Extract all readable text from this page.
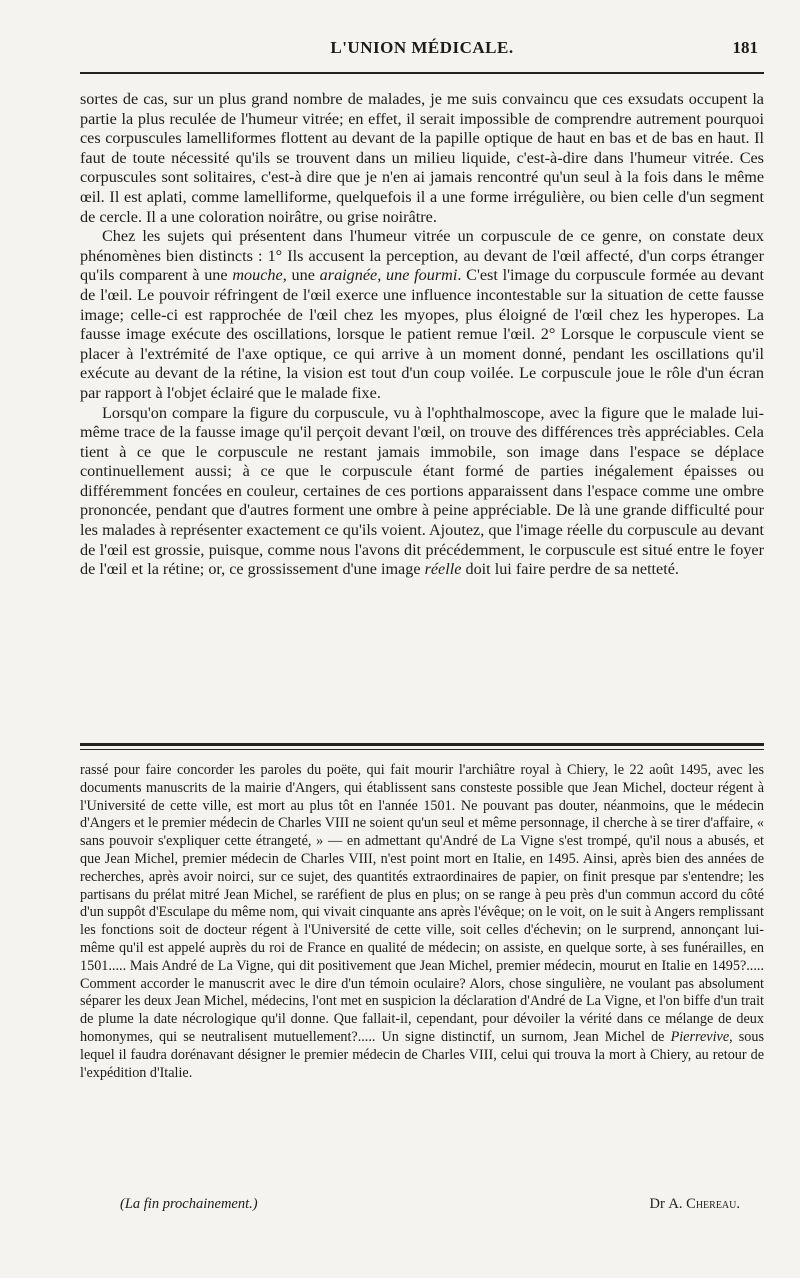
L'UNION MÉDICALE.	181

sortes de cas, sur un plus grand nombre de malades, je me suis convaincu que ces exsudats occupent la partie la plus reculée de l'humeur vitrée; en effet, il serait impossible de comprendre autrement pourquoi ces corpuscules lamelliformes flottent au devant de la papille optique de haut en bas et de bas en haut. Il faut de toute nécessité qu'ils se trouvent dans un milieu liquide, c'est-à-dire dans l'humeur vitrée. Ces corpuscules sont solitaires, c'est-à dire que je n'en ai jamais rencontré qu'un seul à la fois dans le même œil. Il est aplati, comme lamelliforme, quelquefois il a une forme irrégulière, ou bien celle d'un segment de cercle. Il a une coloration noirâtre, ou grise noirâtre.

Chez les sujets qui présentent dans l'humeur vitrée un corpuscule de ce genre, on constate deux phénomènes bien distincts : 1° Ils accusent la perception, au devant de l'œil affecté, d'un corps étranger qu'ils comparent à une mouche, une araignée, une fourmi. C'est l'image du corpuscule formée au devant de l'œil. Le pouvoir réfringent de l'œil exerce une influence incontestable sur la situation de cette fausse image; celle-ci est rapprochée de l'œil chez les myopes, plus éloigné de l'œil chez les hyperopes. La fausse image exécute des oscillations, lorsque le patient remue l'œil. 2° Lorsque le corpuscule vient se placer à l'extrémité de l'axe optique, ce qui arrive à un moment donné, pendant les oscillations qu'il exécute au devant de la rétine, la vision est tout d'un coup voilée. Le corpuscule joue le rôle d'un écran par rapport à l'objet éclairé que le malade fixe.

Lorsqu'on compare la figure du corpuscule, vu à l'ophthalmoscope, avec la figure que le malade lui-même trace de la fausse image qu'il perçoit devant l'œil, on trouve des différences très appréciables. Cela tient à ce que le corpuscule ne restant jamais immobile, son image dans l'espace se déplace continuellement aussi; à ce que le corpuscule étant formé de parties inégalement épaisses ou différemment foncées en couleur, certaines de ces portions apparaissent dans l'espace comme une ombre prononcée, pendant que d'autres forment une ombre à peine appréciable. De là une grande difficulté pour les malades à représenter exactement ce qu'ils voient. Ajoutez, que l'image réelle du corpuscule au devant de l'œil est grossie, puisque, comme nous l'avons dit précédemment, le corpuscule est situé entre le foyer de l'œil et la rétine; or, ce grossissement d'une image réelle doit lui faire perdre de sa netteté.

rassé pour faire concorder les paroles du poëte, qui fait mourir l'archiâtre royal à Chiery, le 22 août 1495, avec les documents manuscrits de la mairie d'Angers, qui établissent sans consteste possible que Jean Michel, docteur régent à l'Université de cette ville, est mort au plus tôt en l'année 1501. Ne pouvant pas douter, néanmoins, que le médecin d'Angers et le premier médecin de Charles VIII ne soient qu'un seul et même personnage, il cherche à se tirer d'affaire, « sans pouvoir s'expliquer cette étrangeté, » — en admettant qu'André de La Vigne s'est trompé, qu'il nous a abusés, et que Jean Michel, premier médecin de Charles VIII, n'est point mort en Italie, en 1495. Ainsi, après bien des années de recherches, après avoir noirci, sur ce sujet, des quantités extraordinaires de papier, on finit presque par s'entendre; les partisans du prélat mitré Jean Michel, se raréfient de plus en plus; on se range à peu près d'un commun accord du côté d'un suppôt d'Esculape du même nom, qui vivait cinquante ans après l'évêque; on le voit, on le suit à Angers remplissant les fonctions soit de docteur régent à l'Université de cette ville, soit celles d'échevin; on le surprend, annonçant lui-même qu'il est appelé auprès du roi de France en qualité de médecin; on assiste, en quelque sorte, à ses funérailles, en 1501..... Mais André de La Vigne, qui dit positivement que Jean Michel, premier médecin, mourut en Italie en 1495?..... Comment accorder le manuscrit avec le dire d'un témoin oculaire? Alors, chose singulière, ne voulant pas absolument séparer les deux Jean Michel, médecins, l'ont met en suspicion la déclaration d'André de La Vigne, et l'on biffe d'un trait de plume la date nécrologique qu'il donne. Que fallait-il, cependant, pour dévoiler la vérité dans ce mélange de deux homonymes, qui se neutralisent mutuellement?..... Un signe distinctif, un surnom, Jean Michel de Pierrevive, sous lequel il faudra dorénavant désigner le premier médecin de Charles VIII, celui qui trouva la mort à Chiery, au retour de l'expédition d'Italie.

(La fin prochainement.)	Dr A. Chereau.
